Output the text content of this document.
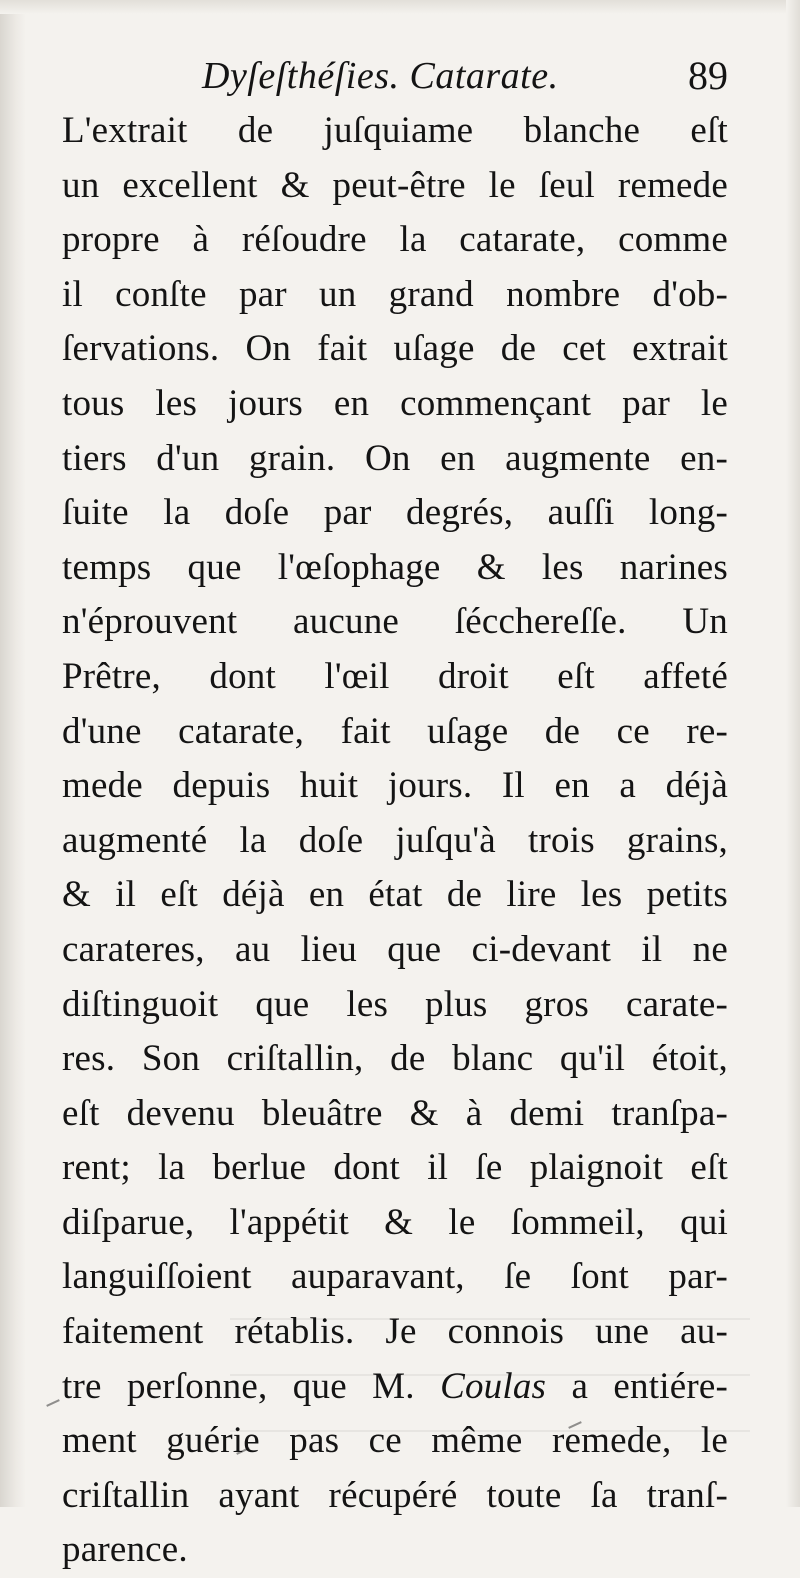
Dyſeſthéſies. Catarate.	89
L'extrait de juſquiame blanche eſt
un excellent & peut-être le ſeul remede
propre à réſoudre la catarate, comme
il conſte par un grand nombre d'ob-
ſervations. On fait uſage de cet extrait
tous les jours en commençant par le
tiers d'un grain. On en augmente en-
ſuite la doſe par degrés, auſſi long-
temps que l'œſophage & les narines
n'éprouvent aucune ſécchereſſe. Un
Prêtre, dont l'œil droit eſt affeté
d'une catarate, fait uſage de ce re-
mede depuis huit jours. Il en a déjà
augmenté la doſe juſqu'à trois grains,
& il eſt déjà en état de lire les petits
carateres, au lieu que ci-devant il ne
diſtinguoit que les plus gros carate-
res. Son criſtallin, de blanc qu'il étoit,
eſt devenu bleuâtre & à demi tranſpa-
rent; la berlue dont il ſe plaignoit eſt
diſparue, l'appétit & le ſommeil, qui
languiſſoient auparavant, ſe ſont par-
faitement rétablis. Je connois une au-
tre perſonne, que M. Coulas a entiére-
ment guérie pas ce même remede, le
criſtallin ayant récupéré toute ſa tranſ-
parence.
